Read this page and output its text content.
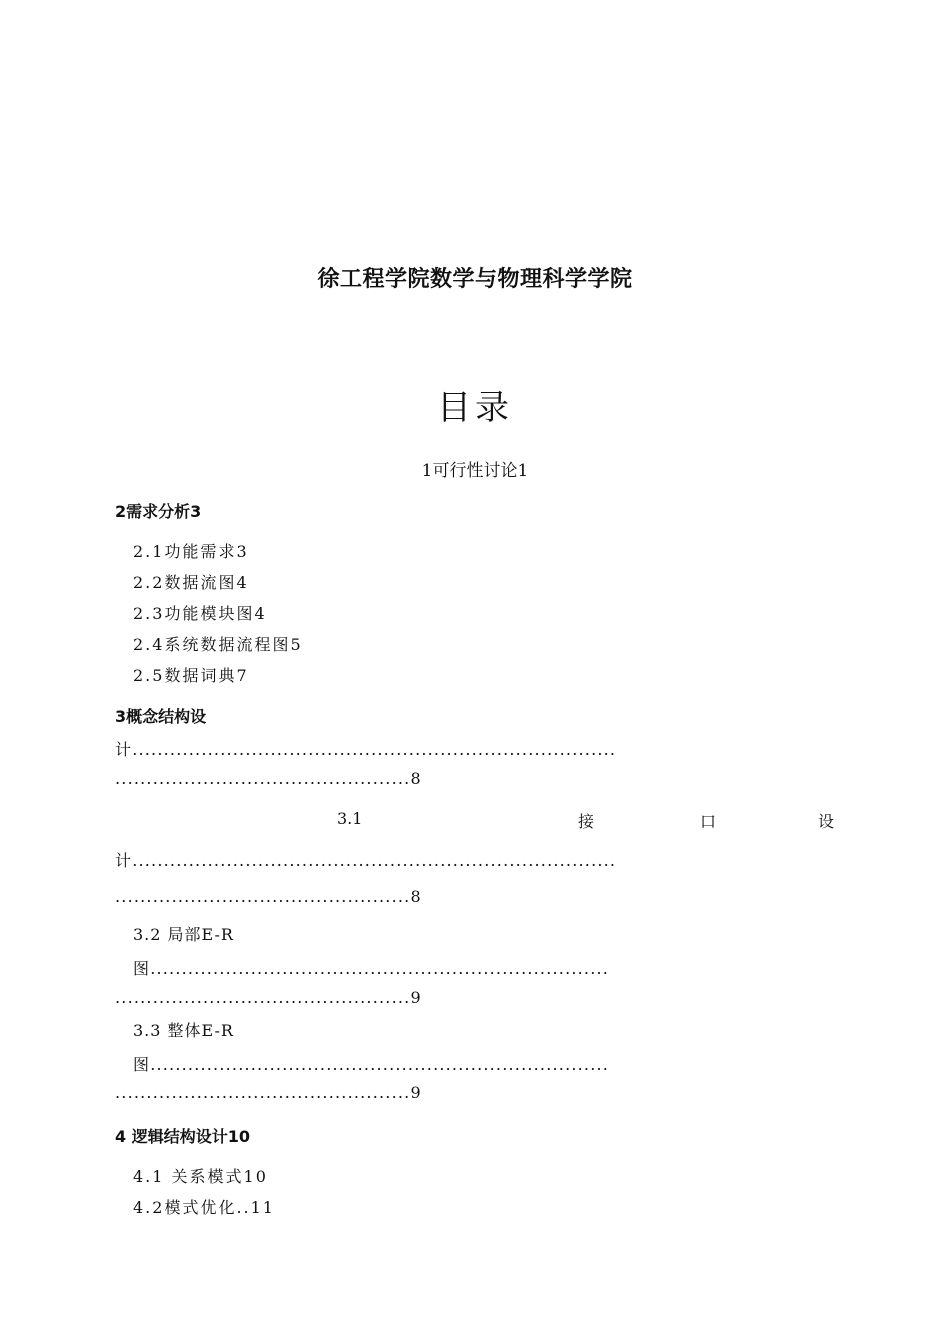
徐工程学院数学与物理科学学院
目录
1可行性讨论1
2需求分析3
2.1功能需求3
2.2数据流图4
2.3功能模块图4
2.4系统数据流程图5
2.5数据词典7
3概念结构设
计.............................................................................
...............................................8
3.1	接	口	设
计.............................................................................
...............................................8
3.2 局部E-R
图.........................................................................
...............................................9
3.3 整体E-R
图.........................................................................
...............................................9
4 逻辑结构设计10
4.1 关系模式10
4.2模式优化..11
